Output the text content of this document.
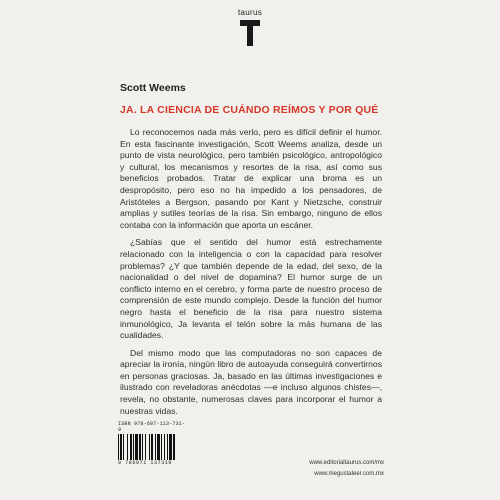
taurus
Scott Weems
JA. LA CIENCIA DE CUÁNDO REÍMOS Y POR QUÉ

Lo reconocemos nada más verlo, pero es difícil definir el humor. En esta fascinante investigación, Scott Weems analiza, desde un punto de vista neurológico, pero también psicológico, antropológico y cultural, los mecanismos y resortes de la risa, así como sus beneficios probados. Tratar de explicar una broma es un despropósito, pero eso no ha impedido a los pensadores, de Aristóteles a Bergson, pasando por Kant y Nietzsche, construir amplias y sutiles teorías de la risa. Sin embargo, ninguno de ellos contaba con la información que aporta un escáner.

¿Sabías que el sentido del humor está estrechamente relacionado con la inteligencia o con la capacidad para resolver problemas? ¿Y que también depende de la edad, del sexo, de la nacionalidad o del nivel de dopamina? El humor surge de un conflicto interno en el cerebro, y forma parte de nuestro proceso de comprensión de este mundo complejo. Desde la función del humor negro hasta el beneficio de la risa para nuestro sistema inmunológico, Ja levanta el telón sobre la más humana de las cualidades.

Del mismo modo que las computadoras no son capaces de apreciar la ironía, ningún libro de autoayuda conseguirá convertirnos en personas graciosas. Ja, basado en las últimas investigaciones e ilustrado con reveladoras anécdotas —e incluso algunos chistes—, revela, no obstante, numerosas claves para incorporar el humor a nuestras vidas.

ISBN 978-607-113-731-9
9 786071 137319	www.editorialtaurus.com/mx
www.megustaleer.com.mx
